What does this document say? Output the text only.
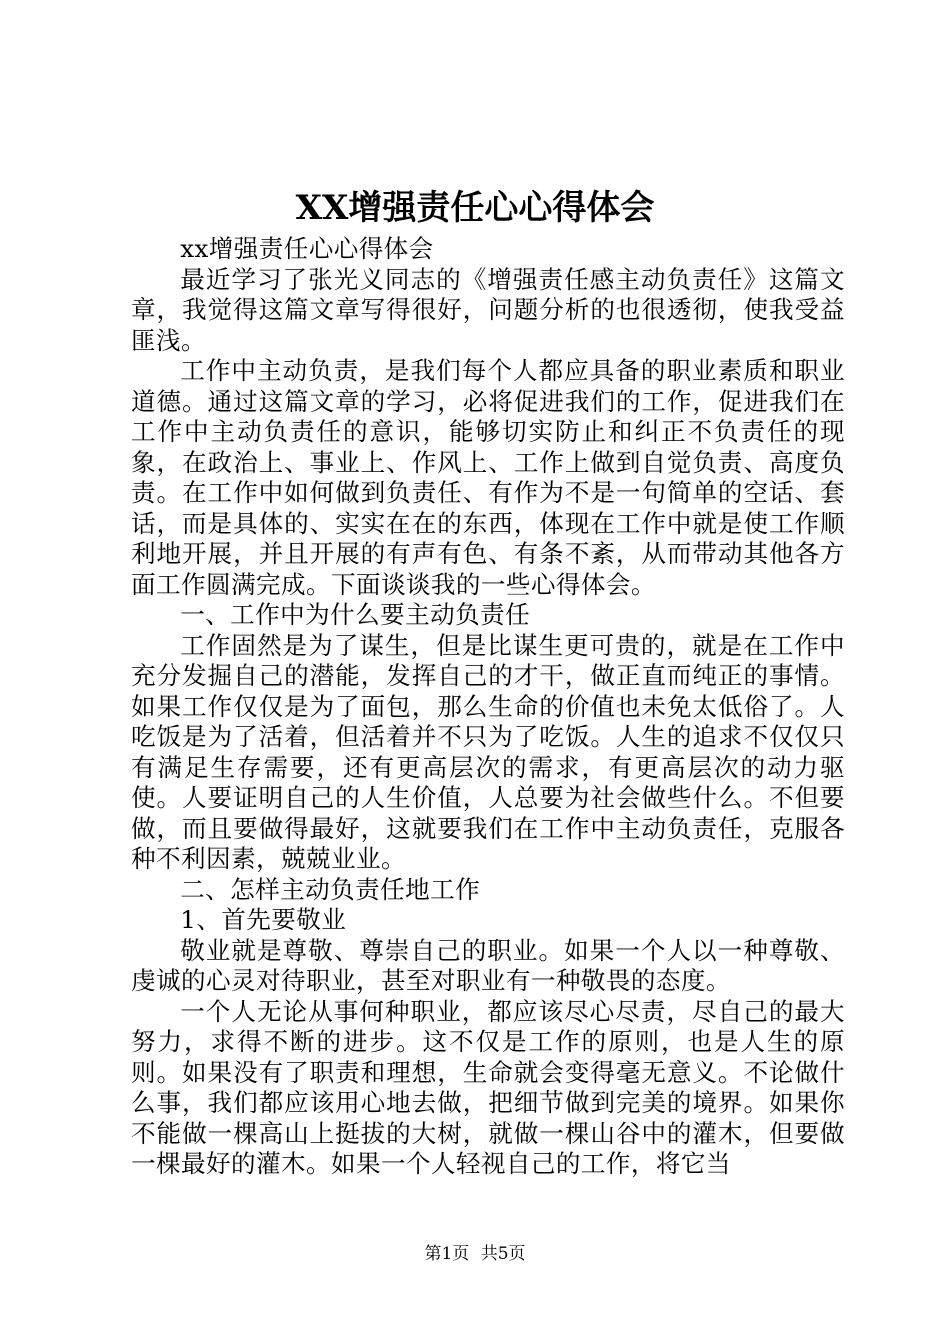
XX增强责任心心得体会

xx增强责任心心得体会

最近学习了张光义同志的《增强责任感主动负责任》这篇文章，我觉得这篇文章写得很好，问题分析的也很透彻，使我受益匪浅。

工作中主动负责，是我们每个人都应具备的职业素质和职业道德。通过这篇文章的学习，必将促进我们的工作，促进我们在工作中主动负责任的意识，能够切实防止和纠正不负责任的现象，在政治上、事业上、作风上、工作上做到自觉负责、高度负责。在工作中如何做到负责任、有作为不是一句简单的空话、套话，而是具体的、实实在在的东西，体现在工作中就是使工作顺利地开展，并且开展的有声有色、有条不紊，从而带动其他各方面工作圆满完成。下面谈谈我的一些心得体会。

一、工作中为什么要主动负责任

工作固然是为了谋生，但是比谋生更可贵的，就是在工作中充分发掘自己的潜能，发挥自己的才干，做正直而纯正的事情。如果工作仅仅是为了面包，那么生命的价值也未免太低俗了。人吃饭是为了活着，但活着并不只为了吃饭。人生的追求不仅仅只有满足生存需要，还有更高层次的需求，有更高层次的动力驱使。人要证明自己的人生价值，人总要为社会做些什么。不但要做，而且要做得最好，这就要我们在工作中主动负责任，克服各种不利因素，兢兢业业。

二、怎样主动负责任地工作

1、首先要敬业

敬业就是尊敬、尊崇自己的职业。如果一个人以一种尊敬、虔诚的心灵对待职业，甚至对职业有一种敬畏的态度。

一个人无论从事何种职业，都应该尽心尽责，尽自己的最大努力，求得不断的进步。这不仅是工作的原则，也是人生的原则。如果没有了职责和理想，生命就会变得毫无意义。不论做什么事，我们都应该用心地去做，把细节做到完美的境界。如果你不能做一棵高山上挺拔的大树，就做一棵山谷中的灌木，但要做一棵最好的灌木。如果一个人轻视自己的工作，将它当

第1页 共5页
